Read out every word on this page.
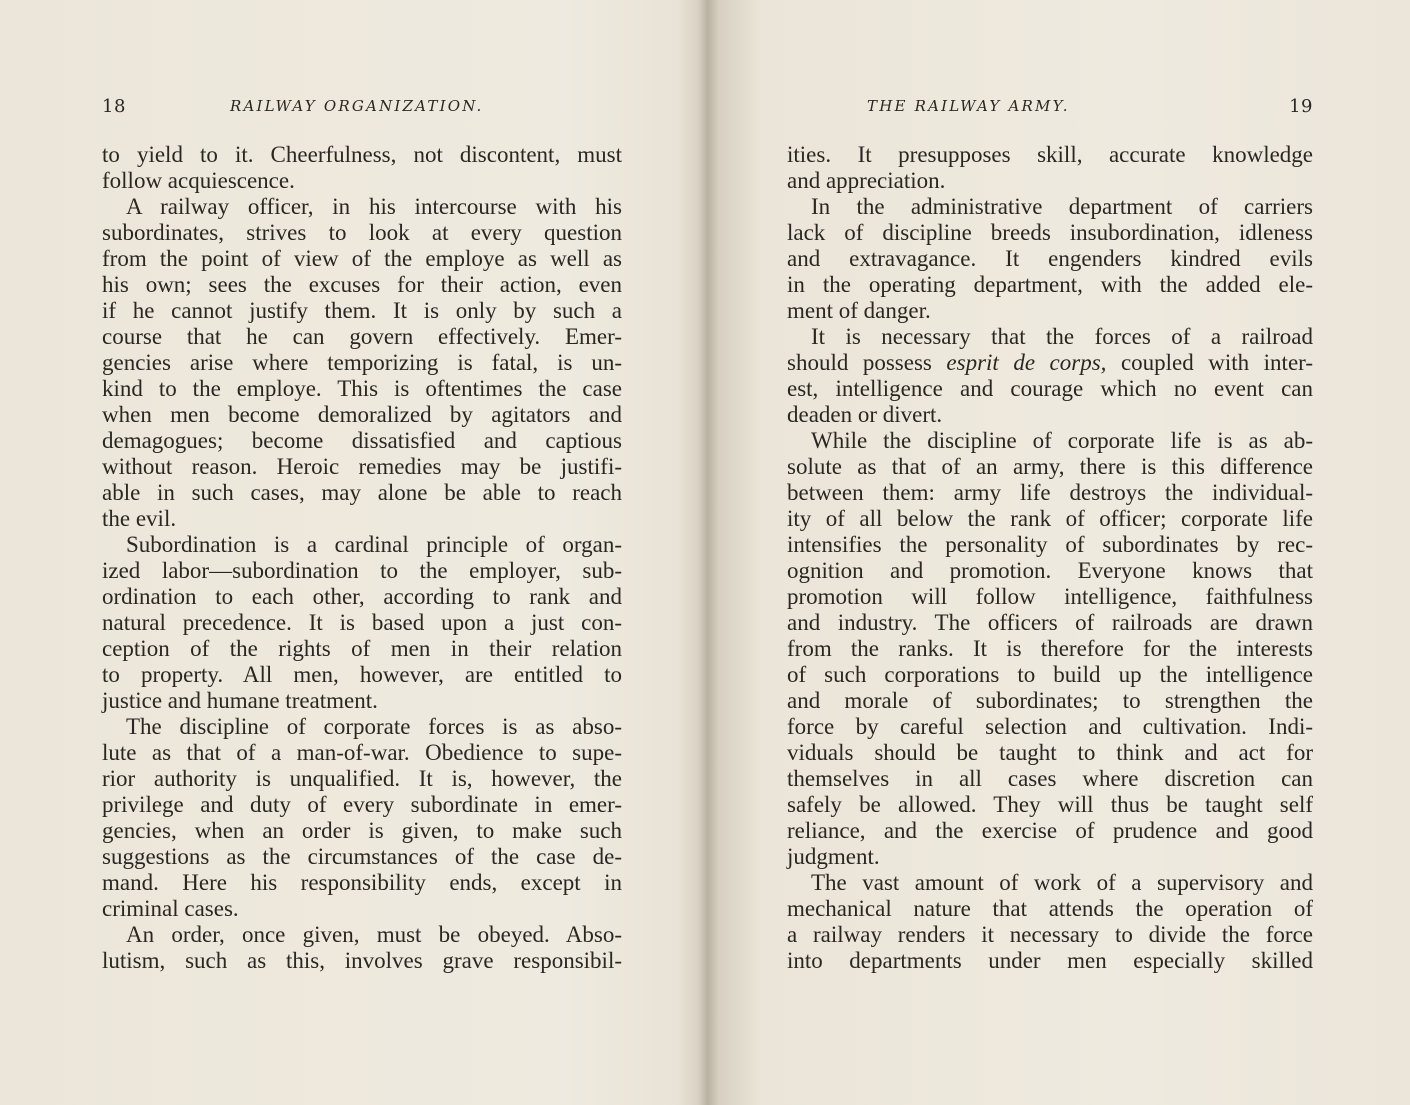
18	RAILWAY ORGANIZATION.
to yield to it. Cheerfulness, not discontent, must
follow acquiescence.
A railway officer, in his intercourse with his
subordinates, strives to look at every question
from the point of view of the employe as well as
his own; sees the excuses for their action, even
if he cannot justify them. It is only by such a
course that he can govern effectively. Emer-
gencies arise where temporizing is fatal, is un-
kind to the employe. This is oftentimes the case
when men become demoralized by agitators and
demagogues; become dissatisfied and captious
without reason. Heroic remedies may be justifi-
able in such cases, may alone be able to reach
the evil.
Subordination is a cardinal principle of organ-
ized labor—subordination to the employer, sub-
ordination to each other, according to rank and
natural precedence. It is based upon a just con-
ception of the rights of men in their relation
to property. All men, however, are entitled to
justice and humane treatment.
The discipline of corporate forces is as abso-
lute as that of a man-of-war. Obedience to supe-
rior authority is unqualified. It is, however, the
privilege and duty of every subordinate in emer-
gencies, when an order is given, to make such
suggestions as the circumstances of the case de-
mand. Here his responsibility ends, except in
criminal cases.
An order, once given, must be obeyed. Abso-
lutism, such as this, involves grave responsibil-
THE RAILWAY ARMY.	19
ities. It presupposes skill, accurate knowledge
and appreciation.
In the administrative department of carriers
lack of discipline breeds insubordination, idleness
and extravagance. It engenders kindred evils
in the operating department, with the added ele-
ment of danger.
It is necessary that the forces of a railroad
should possess esprit de corps, coupled with inter-
est, intelligence and courage which no event can
deaden or divert.
While the discipline of corporate life is as ab-
solute as that of an army, there is this difference
between them: army life destroys the individual-
ity of all below the rank of officer; corporate life
intensifies the personality of subordinates by rec-
ognition and promotion. Everyone knows that
promotion will follow intelligence, faithfulness
and industry. The officers of railroads are drawn
from the ranks. It is therefore for the interests
of such corporations to build up the intelligence
and morale of subordinates; to strengthen the
force by careful selection and cultivation. Indi-
viduals should be taught to think and act for
themselves in all cases where discretion can
safely be allowed. They will thus be taught self
reliance, and the exercise of prudence and good
judgment.
The vast amount of work of a supervisory and
mechanical nature that attends the operation of
a railway renders it necessary to divide the force
into departments under men especially skilled
